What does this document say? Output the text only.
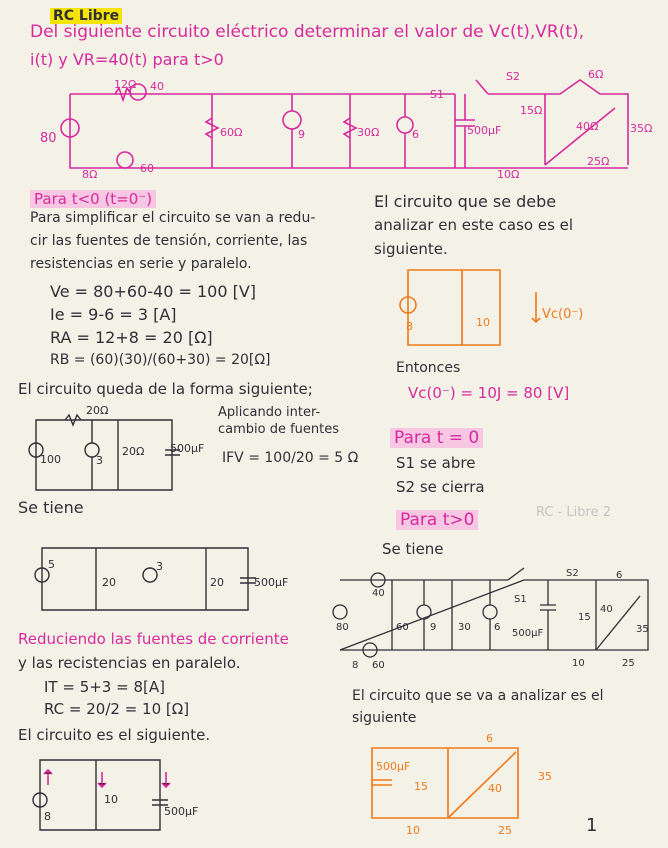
RC Libre
Del siguiente circuito eléctrico determinar el valor de Vc(t),VR(t),
i(t) y VR=40(t) para t>0
80
12Ω 40
8Ω	60
60Ω	9	30Ω	6
S1
500μF
S2	6Ω
15Ω
40Ω	35Ω
10Ω
25Ω
Para t<0 (t=0⁻)
Para simplificar el circuito se van a redu-
cir las fuentes de tensión, corriente, las
resistencias en serie y paralelo.
Ve = 80+60-40 = 100 [V]
Ie = 9-6 = 3 [A]
RA = 12+8 = 20 [Ω]
RB = (60)(30)/(60+30) = 20[Ω]
El circuito queda de la forma siguiente;
20Ω
100	3
20Ω 500μF
Aplicando inter-
cambio de fuentes
IFV = 100/20 = 5 Ω
Se tiene
5
20
3
20	500μF
Reduciendo las fuentes de corriente
y las recistencias en paralelo.
IT = 5+3 = 8[A]
RC = 20/2 = 10 [Ω]
El circuito es el siguiente.
8
10
500μF
El circuito que se debe
analizar en este caso es el
siguiente.
8	10
Vc(0⁻)
Entonces
Vc(0⁻) = 10J = 80 [V]
Para t = 0
S1 se abre
S2 se cierra
RC - Libre 2
Para t>0
Se tiene
40
S1
S2	6
80
8 60
60 9 30 6
500μF
15
40
35
10	25
El circuito que se va a analizar es el
siguiente
6
500μF
15	40
35
10	25	1
